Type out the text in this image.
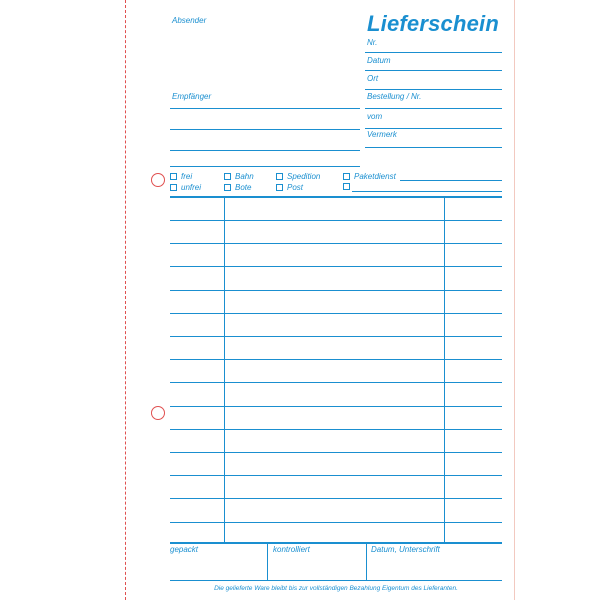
Absender
Empfänger
Lieferschein
Nr.
Datum
Ort
Bestellung / Nr.
vom
Vermerk
frei	Bahn	Spedition	Paketdienst
unfrei	Bote	Post
gepackt	kontrolliert	Datum, Unterschrift
Die gelieferte Ware bleibt bis zur vollständigen Bezahlung Eigentum des Lieferanten.
